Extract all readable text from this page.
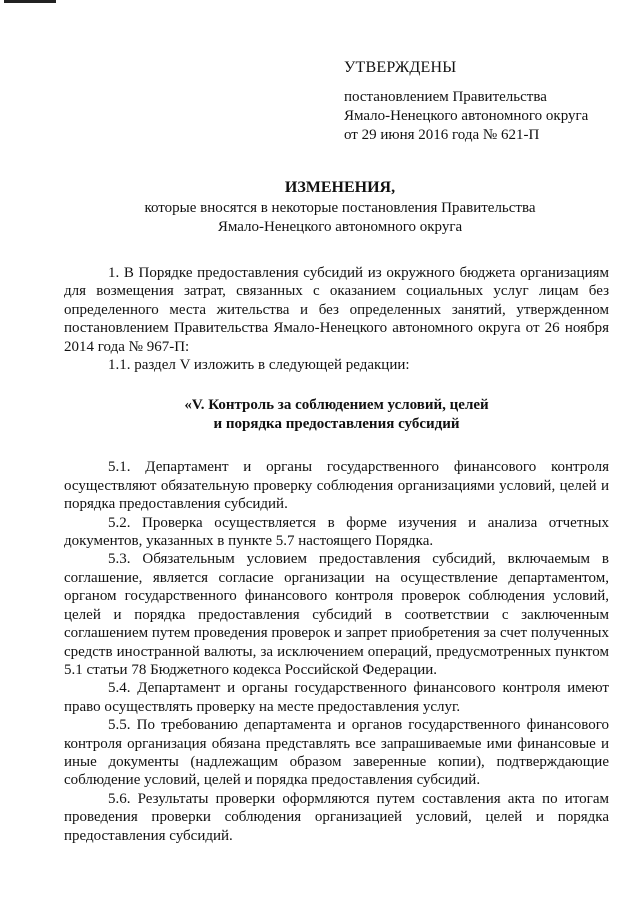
УТВЕРЖДЕНЫ
постановлением Правительства
Ямало-Ненецкого автономного округа
от 29 июня 2016 года № 621-П
ИЗМЕНЕНИЯ,
которые вносятся в некоторые постановления Правительства
Ямало-Ненецкого автономного округа

1. В Порядке предоставления субсидий из окружного бюджета организациям для возмещения затрат, связанных с оказанием социальных услуг лицам без определенного места жительства и без определенных занятий, утвержденном постановлением Правительства Ямало-Ненецкого автономного округа от 26 ноября 2014 года № 967-П:

1.1. раздел V изложить в следующей редакции:

«V. Контроль за соблюдением условий, целей
и порядка предоставления субсидий

5.1. Департамент и органы государственного финансового контроля осуществляют обязательную проверку соблюдения организациями условий, целей и порядка предоставления субсидий.

5.2. Проверка осуществляется в форме изучения и анализа отчетных документов, указанных в пункте 5.7 настоящего Порядка.

5.3. Обязательным условием предоставления субсидий, включаемым в соглашение, является согласие организации на осуществление департаментом, органом государственного финансового контроля проверок соблюдения условий, целей и порядка предоставления субсидий в соответствии с заключенным соглашением путем проведения проверок и запрет приобретения за счет полученных средств иностранной валюты, за исключением операций, предусмотренных пунктом 5.1 статьи 78 Бюджетного кодекса Российской Федерации.

5.4. Департамент и органы государственного финансового контроля имеют право осуществлять проверку на месте предоставления услуг.

5.5. По требованию департамента и органов государственного финансового контроля организация обязана представлять все запрашиваемые ими финансовые и иные документы (надлежащим образом заверенные копии), подтверждающие соблюдение условий, целей и порядка предоставления субсидий.

5.6. Результаты проверки оформляются путем составления акта по итогам проведения проверки соблюдения организацией условий, целей и порядка предоставления субсидий.
